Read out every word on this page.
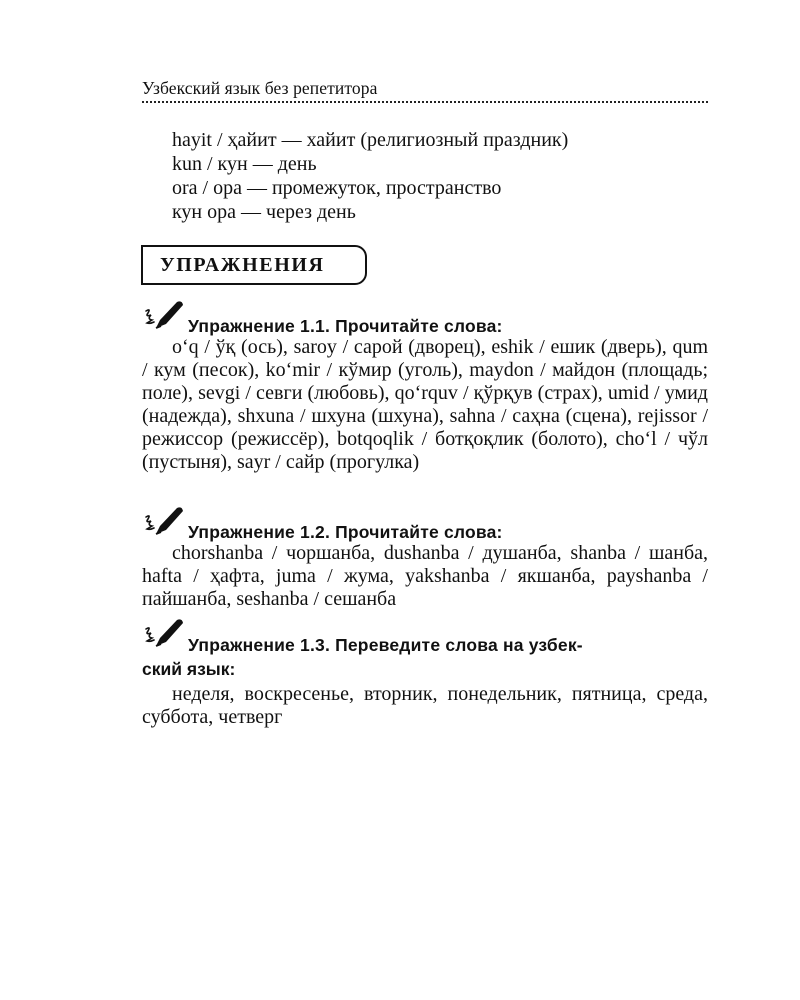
Узбекский язык без репетитора
hayit / ҳайит — хайит (религиозный праздник)
kun / кун — день
ora / ора — промежуток, пространство
кун ора — через день
УПРАЖНЕНИЯ
Упражнение 1.1. Прочитайте слова:
o‘q / ўқ (ось), saroy / сарой (дворец), eshik / ешик (дверь), qum / кум (песок), ko‘mir / кўмир (уголь), maydon / майдон (площадь; поле), sevgi / севги (любовь), qo‘rquv / қўрқув (страх), umid / умид (надежда), shxuna / шхуна (шхуна), sahna / саҳна (сцена), rejissor / режиссор (режиссёр), botqoqlik / ботқоқлик (болото), cho‘l / чўл (пустыня), sayr / сайр (прогулка)
Упражнение 1.2. Прочитайте слова:
chorshanba / чоршанба, dushanba / душанба, shanba / шанба, hafta / ҳафта, juma / жума, yakshanba / якшанба, payshanba / пайшанба, seshanba / сешанба
Упражнение 1.3. Переведите слова на узбек-
ский язык:
неделя, воскресенье, вторник, понедельник, пятница, среда, суббота, четверг
